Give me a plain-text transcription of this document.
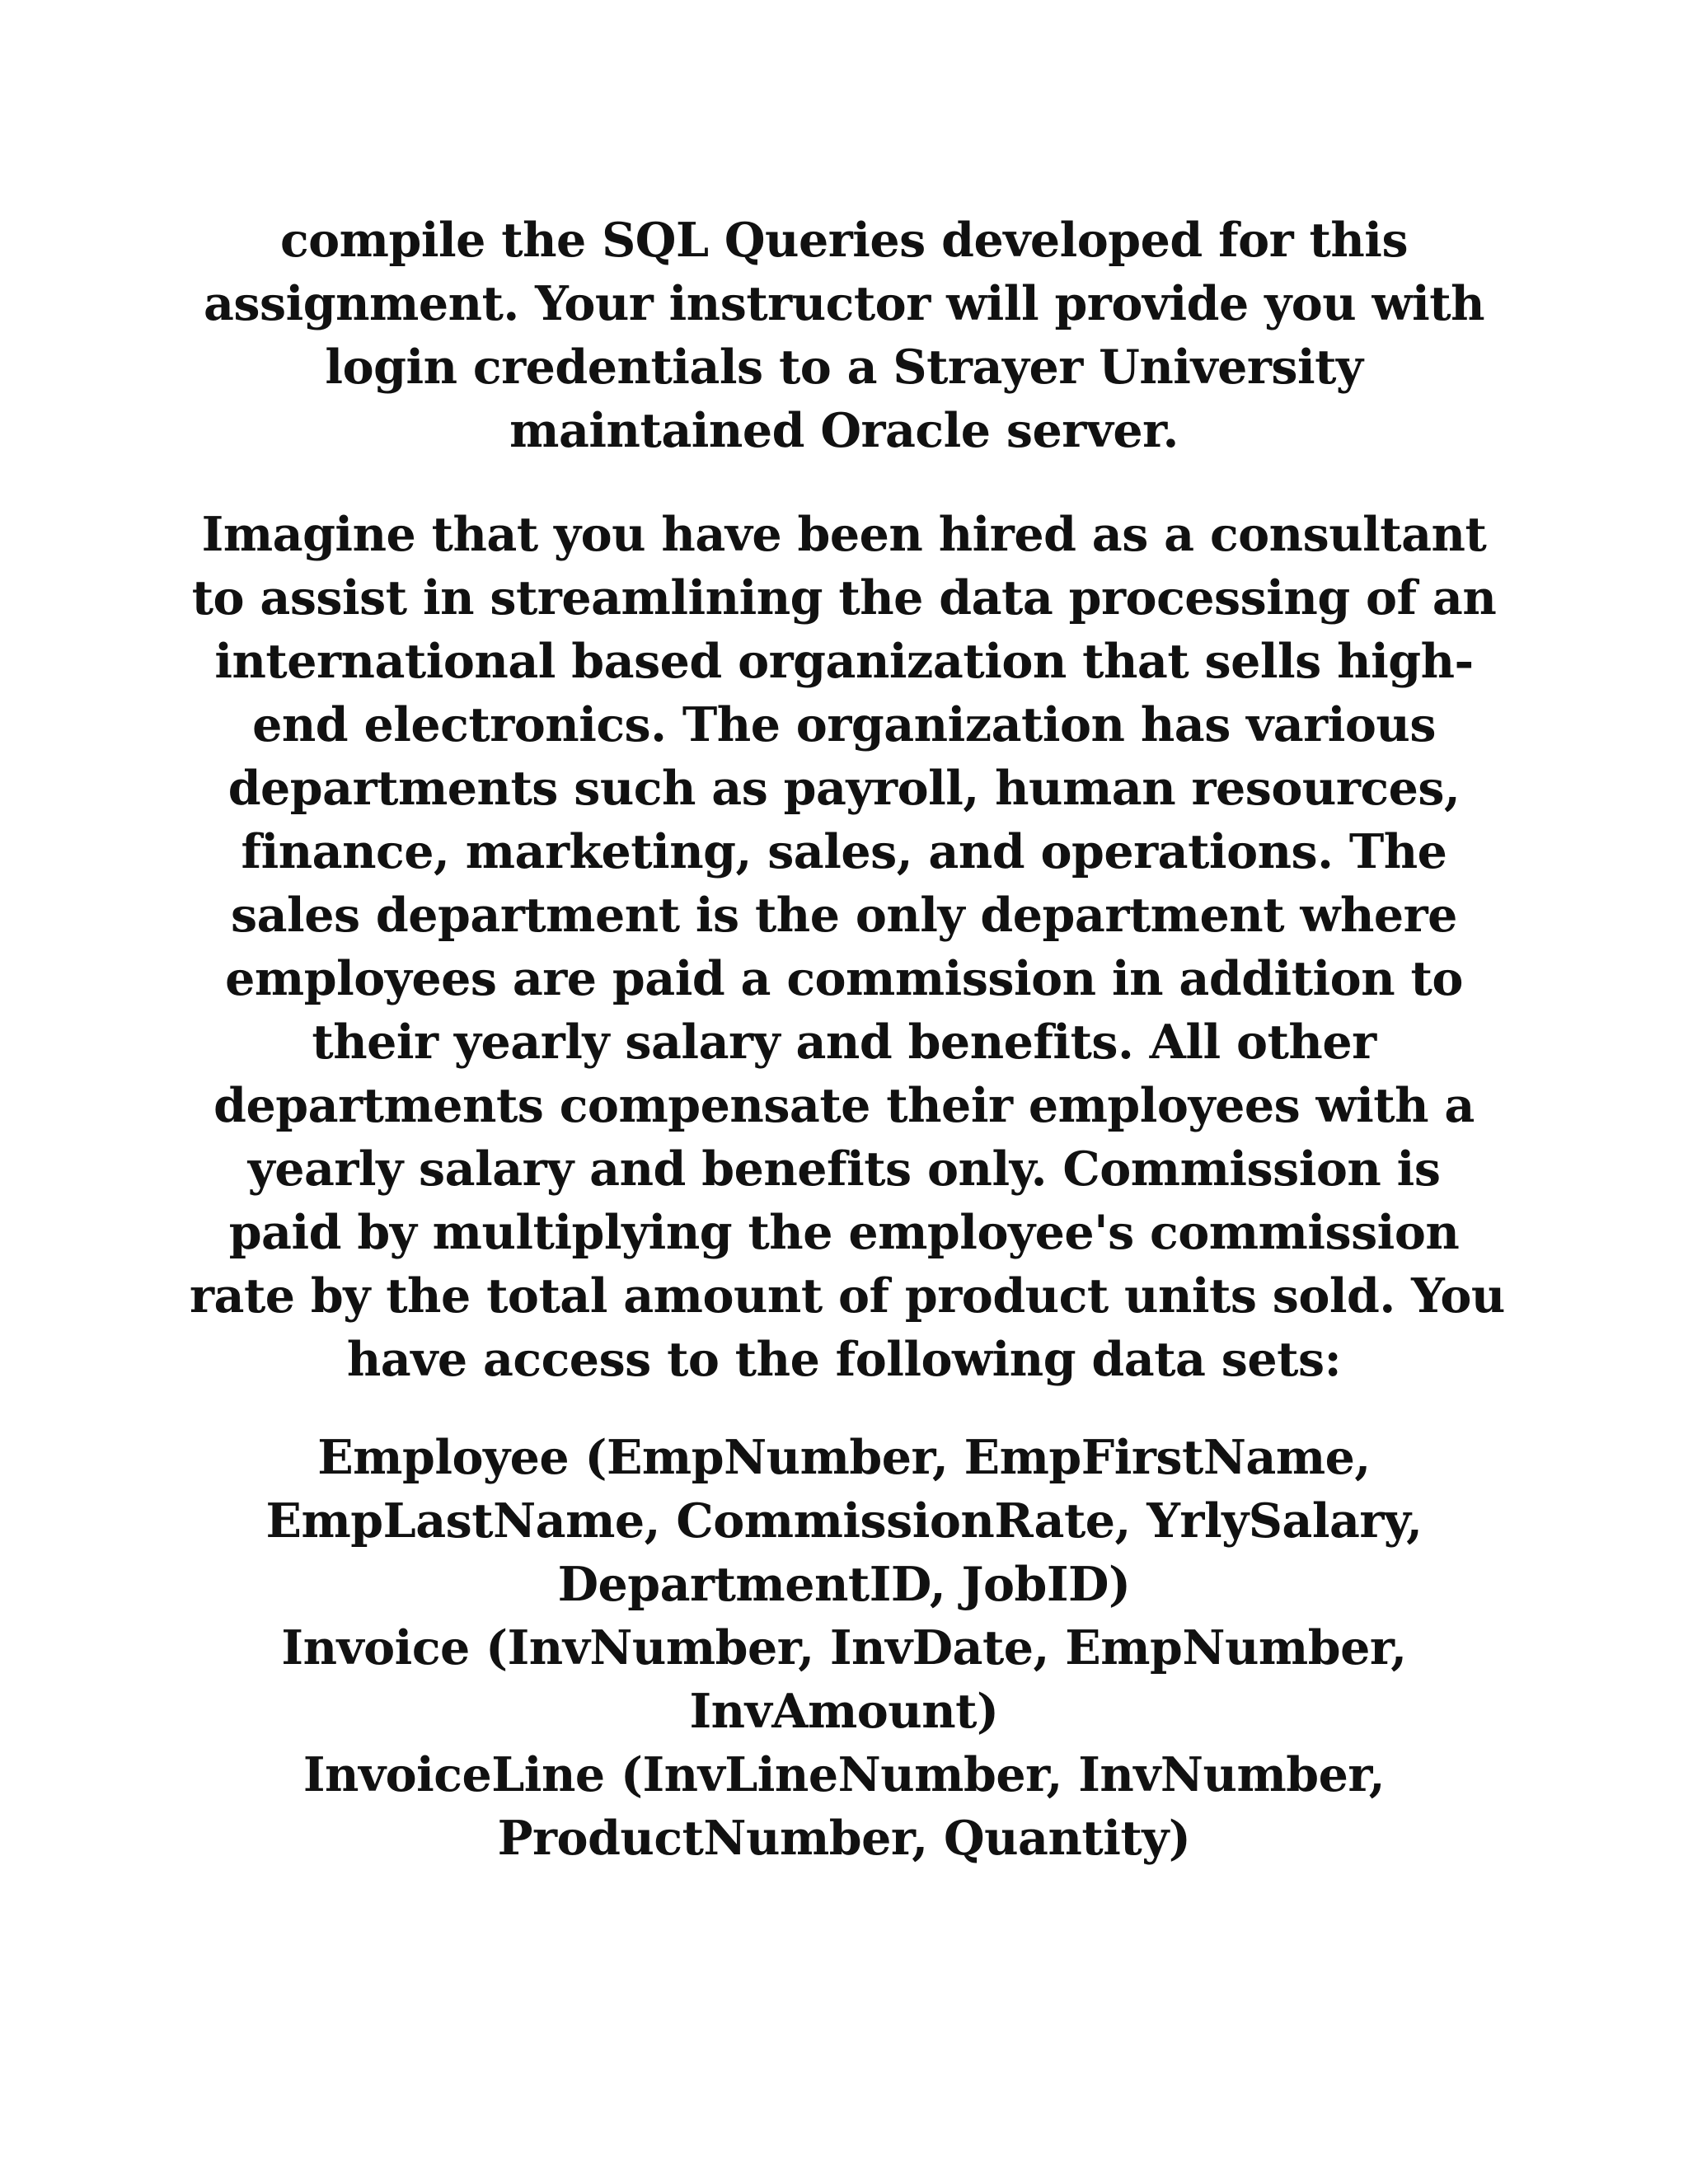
compile the SQL Queries developed for this
assignment. Your instructor will provide you with
login credentials to a Strayer University
maintained Oracle server.
Imagine that you have been hired as a consultant
to assist in streamlining the data processing of an
international based organization that sells high-
end electronics. The organization has various
departments such as payroll, human resources,
finance, marketing, sales, and operations. The
sales department is the only department where
employees are paid a commission in addition to
their yearly salary and benefits. All other
departments compensate their employees with a
yearly salary and benefits only. Commission is
paid by multiplying the employee's commission
rate by the total amount of product units sold. You
have access to the following data sets:
Employee (EmpNumber, EmpFirstName,
EmpLastName, CommissionRate, YrlySalary,
DepartmentID, JobID)
Invoice (InvNumber, InvDate, EmpNumber,
InvAmount)
InvoiceLine (InvLineNumber, InvNumber,
ProductNumber, Quantity)
